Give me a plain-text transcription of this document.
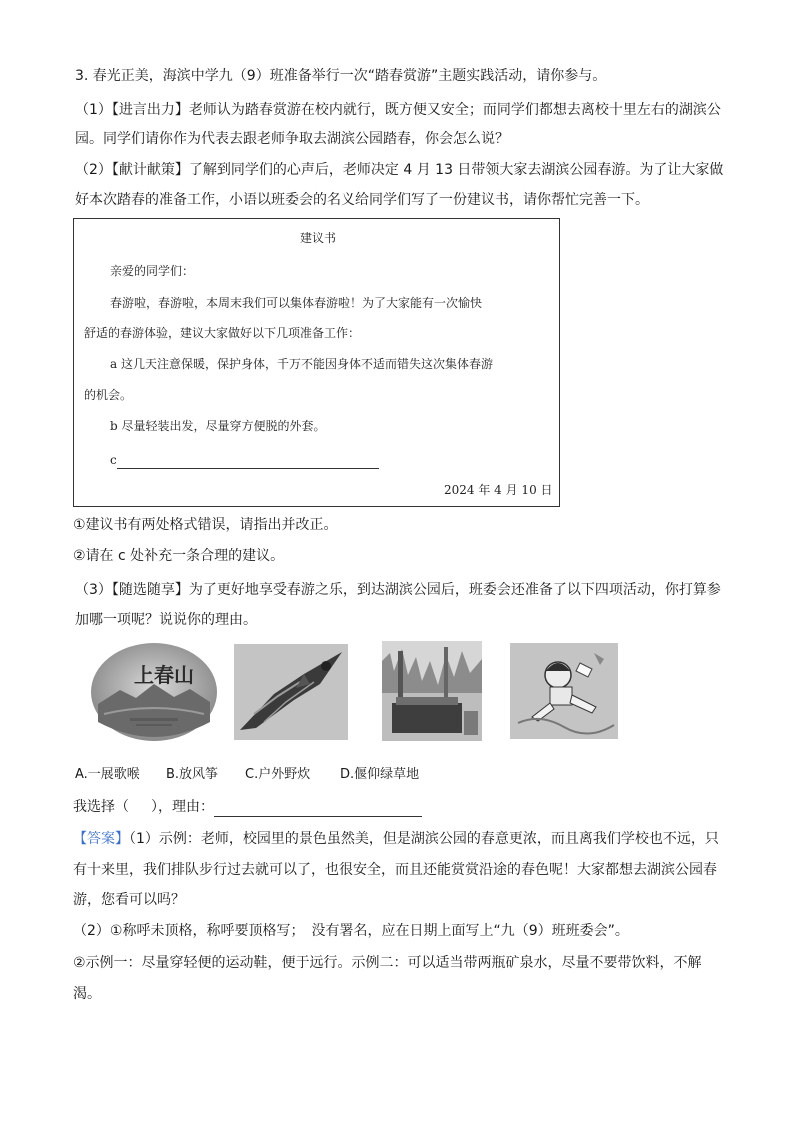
3. 春光正美，海滨中学九（9）班准备举行一次“踏春赏游”主题实践活动，请你参与。
（1）【进言出力】老师认为踏春赏游在校内就行，既方便又安全；而同学们都想去离校十里左右的湖滨公
园。同学们请你作为代表去跟老师争取去湖滨公园踏春，你会怎么说？
（2）【献计献策】了解到同学们的心声后，老师决定 4 月 13 日带领大家去湖滨公园春游。为了让大家做
好本次踏春的准备工作，小语以班委会的名义给同学们写了一份建议书，请你帮忙完善一下。
建议书
亲爱的同学们：
春游啦，春游啦，本周末我们可以集体春游啦！为了大家能有一次愉快
舒适的春游体验，建议大家做好以下几项准备工作：
a 这几天注意保暖，保护身体，千万不能因身体不适而错失这次集体春游
的机会。
b 尽量轻装出发，尽量穿方便脱的外套。
c
2024 年 4 月 10 日
①建议书有两处格式错误，请指出并改正。
②请在 c 处补充一条合理的建议。
（3）【随选随享】为了更好地享受春游之乐，到达湖滨公园后，班委会还准备了以下四项活动，你打算参
加哪一项呢？说说你的理由。
上春山
A.一展歌喉 B.放风筝 C.户外野炊 D.偃仰绿草地
我选择（ ），理由：
【答案】（1）示例：老师，校园里的景色虽然美，但是湖滨公园的春意更浓，而且离我们学校也不远，只
有十来里，我们排队步行过去就可以了，也很安全，而且还能赏赏沿途的春色呢！大家都想去湖滨公园春
游，您看可以吗？
（2）①称呼未顶格，称呼要顶格写；　没有署名，应在日期上面写上“九（9）班班委会”。
②示例一：尽量穿轻便的运动鞋，便于远行。示例二：可以适当带两瓶矿泉水，尽量不要带饮料，不解
渴。
